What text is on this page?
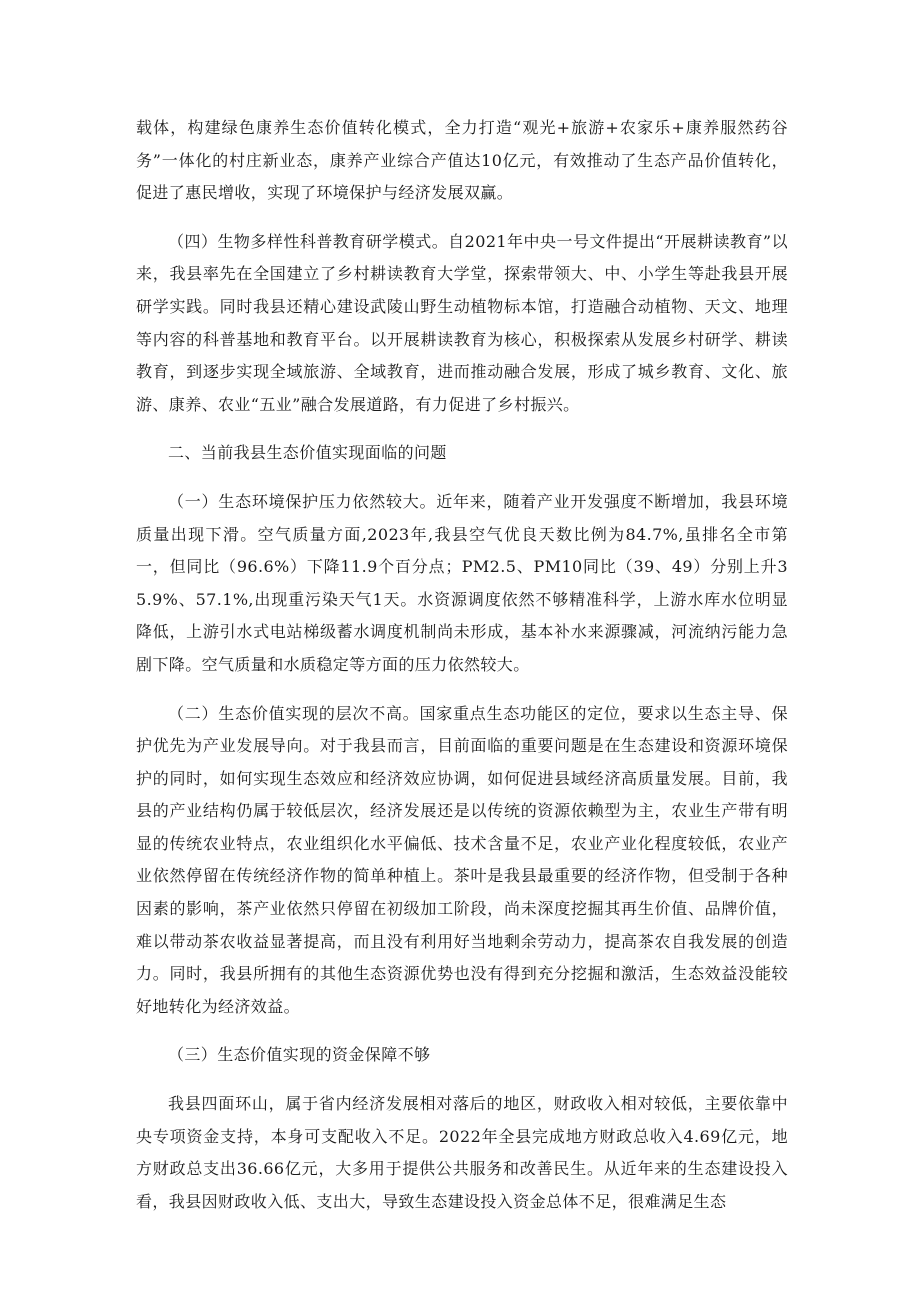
载体，构建绿色康养生态价值转化模式，全力打造“观光+旅游+农家乐+康养服然药谷务”一体化的村庄新业态，康养产业综合产值达10亿元，有效推动了生态产品价值转化，促进了惠民增收，实现了环境保护与经济发展双赢。

（四）生物多样性科普教育研学模式。自2021年中央一号文件提出“开展耕读教育”以来，我县率先在全国建立了乡村耕读教育大学堂，探索带领大、中、小学生等赴我县开展研学实践。同时我县还精心建设武陵山野生动植物标本馆，打造融合动植物、天文、地理等内容的科普基地和教育平台。以开展耕读教育为核心，积极探索从发展乡村研学、耕读教育，到逐步实现全域旅游、全域教育，进而推动融合发展，形成了城乡教育、文化、旅游、康养、农业“五业”融合发展道路，有力促进了乡村振兴。

二、当前我县生态价值实现面临的问题

（一）生态环境保护压力依然较大。近年来，随着产业开发强度不断增加，我县环境质量出现下滑。空气质量方面,2023年,我县空气优良天数比例为84.7%,虽排名全市第一，但同比（96.6%）下降11.9个百分点；PM2.5、PM10同比（39、49）分别上升35.9%、57.1%,出现重污染天气1天。水资源调度依然不够精准科学，上游水库水位明显降低，上游引水式电站梯级蓄水调度机制尚未形成，基本补水来源骤减，河流纳污能力急剧下降。空气质量和水质稳定等方面的压力依然较大。

（二）生态价值实现的层次不高。国家重点生态功能区的定位，要求以生态主导、保护优先为产业发展导向。对于我县而言，目前面临的重要问题是在生态建设和资源环境保护的同时，如何实现生态效应和经济效应协调，如何促进县域经济高质量发展。目前，我县的产业结构仍属于较低层次，经济发展还是以传统的资源依赖型为主，农业生产带有明显的传统农业特点，农业组织化水平偏低、技术含量不足，农业产业化程度较低，农业产业依然停留在传统经济作物的简单种植上。茶叶是我县最重要的经济作物，但受制于各种因素的影响，茶产业依然只停留在初级加工阶段，尚未深度挖掘其再生价值、品牌价值，难以带动茶农收益显著提高，而且没有利用好当地剩余劳动力，提高茶农自我发展的创造力。同时，我县所拥有的其他生态资源优势也没有得到充分挖掘和激活，生态效益没能较好地转化为经济效益。

（三）生态价值实现的资金保障不够

我县四面环山，属于省内经济发展相对落后的地区，财政收入相对较低，主要依靠中央专项资金支持，本身可支配收入不足。2022年全县完成地方财政总收入4.69亿元，地方财政总支出36.66亿元，大多用于提供公共服务和改善民生。从近年来的生态建设投入看，我县因财政收入低、支出大，导致生态建设投入资金总体不足，很难满足生态
